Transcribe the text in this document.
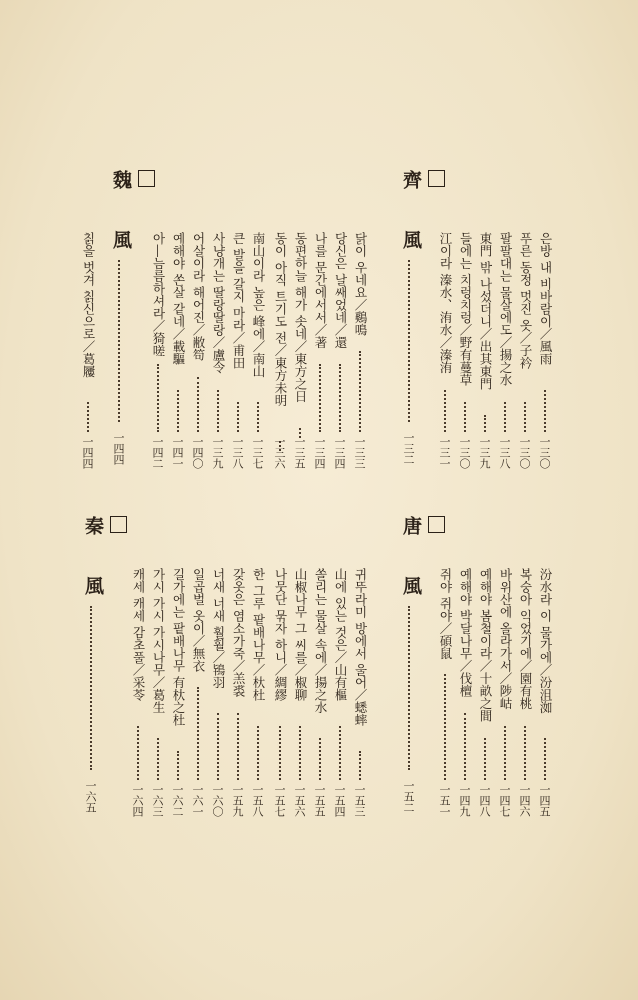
은방 내 비바람이／風雨
一三〇
푸른 동정 멋진 옷／子衿
一三〇
팔팔대는 물살에도／揚之水
一三八
東門 밖 나섰더니／出其東門
一三九
들에는 치렁치렁／野有蔓草
一三〇
江이라 溱水、洧水／溱洧
一三一
齊
風
一三二
닭이 우네요／鷄鳴
一三三
당신은 날쌔었네／還
一三四
나를 문간에서서／著
一三四
동편하늘 해가 솟네／東方之日
一三五
동이 아직 트기도 전／東方未明
一三六
南山이라 높은 峰에／南山
一三七
큰 발을 갈지 마라／甫田
一三八
사냥개는 딸랑딸랑／盧令
一三九
어살이라 해어진／敝笱
一四〇
예해야 쏜살 같네／載驅
一四一
아―늠름하셔라／猗嗟
一四二
魏
風
一四四
칡을 벗겨 칡신으로／葛屨
一四四
汾水라 이 물가에／汾沮洳
一四五
복숭아 익었기에／園有桃
一四六
바위산에 올라가서／陟岵
一四七
예해야 봄철이라／十畝之間
一四八
예해야 박달나무／伐檀
一四九
쥐야 쥐야／碩鼠
一五一
唐
風
一五二
귀뚜라미 방에서 울어／蟋蟀
一五三
山에 있는 것은／山有樞
一五四
쏠리는 물살 속에／揚之水
一五五
山椒나무 그 씨를／椒聊
一五六
나뭇단 묶자 하니／綢繆
一五七
한 그루 팥배나무／杕杜
一五八
갖옷은 염소가죽／羔裘
一五九
너새 너새 훨훨／鴇羽
一六〇
일곱벌 옷이／無衣
一六一
길가에는 팥배나무 有杕之杜
一六二
가시 가시 가시나무／葛生
一六三
캐세 캐세 감초풀／采苓
一六四
秦
風
一六五
